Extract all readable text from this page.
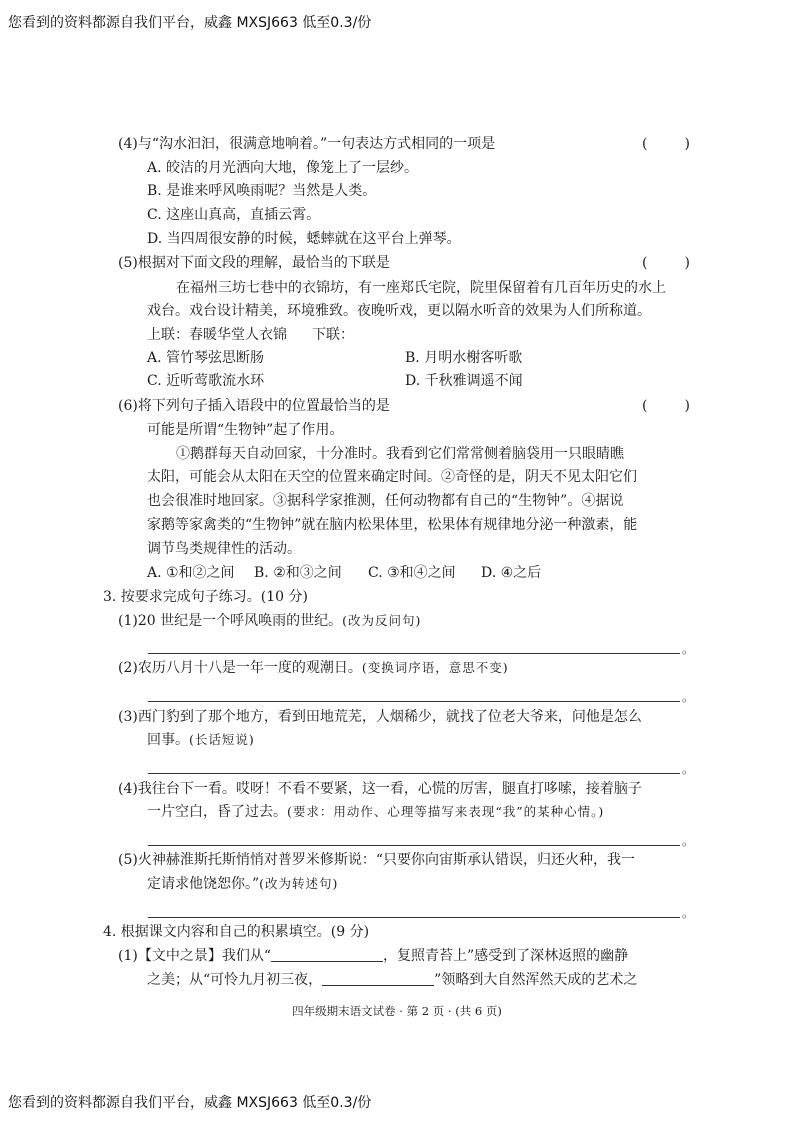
您看到的资料都源自我们平台，威鑫 MXSJ663 低至0.3/份
(4)与“沟水汩汩，很满意地响着。”一句表达方式相同的一项是	(	)
A. 皎洁的月光洒向大地，像笼上了一层纱。
B. 是谁来呼风唤雨呢？当然是人类。
C. 这座山真高，直插云霄。
D. 当四周很安静的时候，蟋蟀就在这平台上弹琴。
(5)根据对下面文段的理解，最恰当的下联是	(	)
在福州三坊七巷中的衣锦坊，有一座郑氏宅院，院里保留着有几百年历史的水上
戏台。戏台设计精美，环境雅致。夜晚听戏，更以隔水听音的效果为人们所称道。
上联：春暖华堂人衣锦 下联：
A. 管竹琴弦思断肠	B. 月明水榭客听歌
C. 近听莺歌流水环	D. 千秋雅调遥不闻
(6)将下列句子插入语段中的位置最恰当的是	(	)
可能是所谓“生物钟”起了作用。
①鹅群每天自动回家，十分准时。我看到它们常常侧着脑袋用一只眼睛瞧
太阳，可能会从太阳在天空的位置来确定时间。②奇怪的是，阴天不见太阳它们
也会很准时地回家。③据科学家推测，任何动物都有自己的“生物钟”。④据说
家鹅等家禽类的“生物钟”就在脑内松果体里，松果体有规律地分泌一种激素，能
调节鸟类规律性的活动。
A. ①和②之间 B. ②和③之间 C. ③和④之间 D. ④之后
3. 按要求完成句子练习。(10 分)
(1)20 世纪是一个呼风唤雨的世纪。(改为反问句)
。
(2)农历八月十八是一年一度的观潮日。(变换词序语，意思不变)
。
(3)西门豹到了那个地方，看到田地荒芜，人烟稀少，就找了位老大爷来，问他是怎么
回事。(长话短说)
。
(4)我往台下一看。哎呀！不看不要紧，这一看，心慌的厉害，腿直打哆嗦，接着脑子
一片空白，昏了过去。(要求：用动作、心理等描写来表现“我”的某种心情。)
。
(5)火神赫淮斯托斯悄悄对普罗米修斯说：“只要你向宙斯承认错误，归还火种，我一
定请求他饶恕你。”(改为转述句)
。
4. 根据课文内容和自己的积累填空。(9 分)
(1)【文中之景】我们从“	，复照青苔上”感受到了深林返照的幽静
之美；从“可怜九月初三夜，	”领略到大自然浑然天成的艺术之
四年级期末语文试卷 · 第 2 页 · (共 6 页)
您看到的资料都源自我们平台，威鑫 MXSJ663 低至0.3/份
